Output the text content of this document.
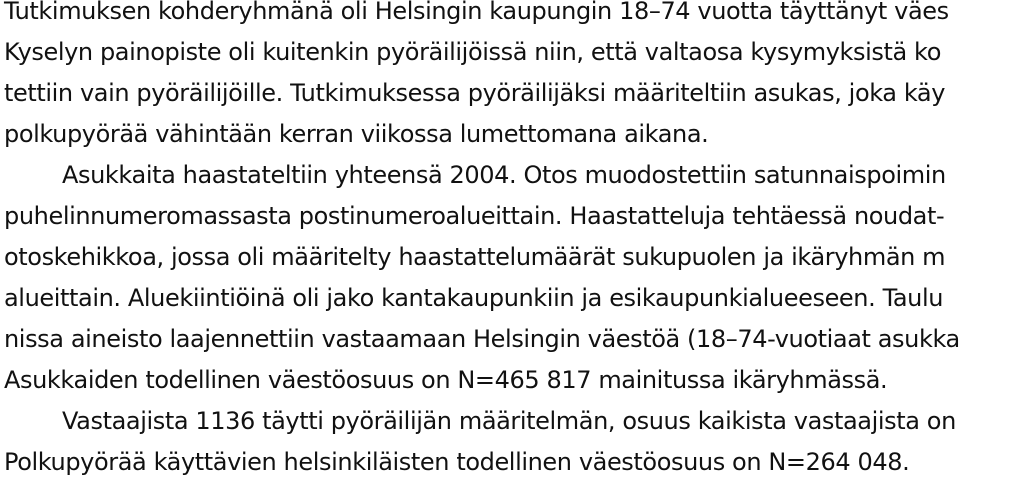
Tutkimuksen kohderyhmänä oli Helsingin kaupungin 18–74 vuotta täyttänyt väes

Kyselyn painopiste oli kuitenkin pyöräilijöissä niin, että valtaosa kysymyksistä ko

tettiin vain pyöräilijöille. Tutkimuksessa pyöräilijäksi määriteltiin asukas, joka käy

polkupyörää vähintään kerran viikossa lumettomana aikana.

Asukkaita haastateltiin yhteensä 2004. Otos muodostettiin satunnaispoimin

puhelinnumeromassasta postinumeroalueittain. Haastatteluja tehtäessä noudat-

otoskehikkoa, jossa oli määritelty haastattelumäärät sukupuolen ja ikäryhmän m

alueittain. Aluekiintiöinä oli jako kantakaupunkiin ja esikaupunkialueeseen. Taulu

nissa aineisto laajennettiin vastaamaan Helsingin väestöä (18–74-vuotiaat asukka

Asukkaiden todellinen väestöosuus on N=465 817 mainitussa ikäryhmässä.

Vastaajista 1136 täytti pyöräilijän määritelmän, osuus kaikista vastaajista on

Polkupyörää käyttävien helsinkiläisten todellinen väestöosuus on N=264 048.
